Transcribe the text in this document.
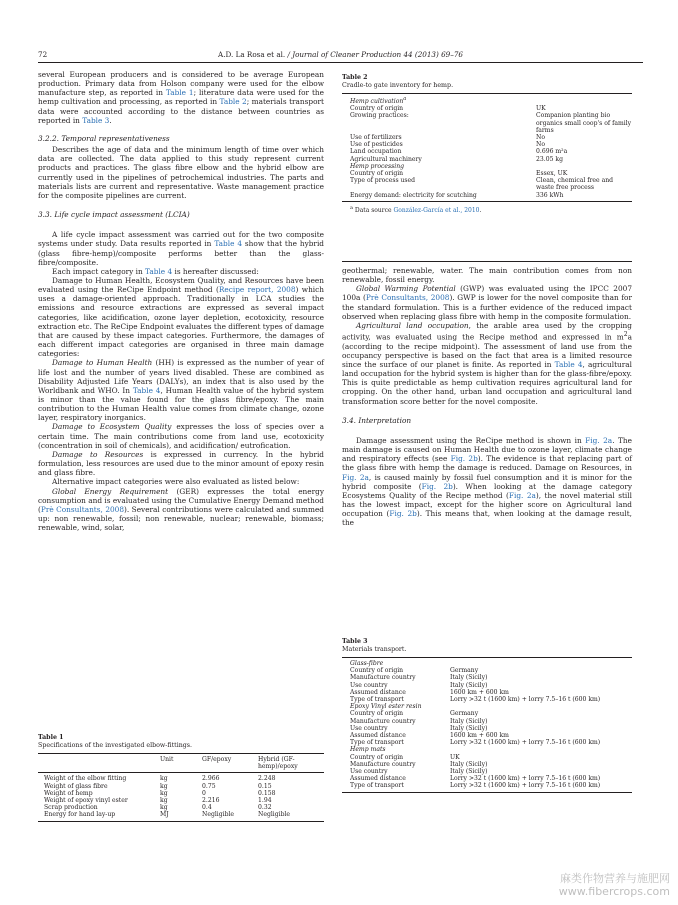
72	A.D. La Rosa et al. / Journal of Cleaner Production 44 (2013) 69–76

several European producers and is considered to be average European production. Primary data from Holson company were used for the elbow manufacture step, as reported in Table 1; literature data were used for the hemp cultivation and processing, as reported in Table 2; materials transport data were accounted according to the distance between countries as reported in Table 3.

3.2.2. Temporal representativeness

Describes the age of data and the minimum length of time over which data are collected. The data applied to this study represent current products and practices. The glass fibre elbow and the hybrid elbow are currently used in the pipelines of petrochemical industries. The parts and materials lists are current and representative. Waste management practice for the composite pipelines are current.

3.3. Life cycle impact assessment (LCIA)

A life cycle impact assessment was carried out for the two composite systems under study. Data results reported in Table 4 show that the hybrid (glass fibre-hemp)/composite performs better than the glass-fibre/composite.

Each impact category in Table 4 is hereafter discussed:

Damage to Human Health, Ecosystem Quality, and Resources have been evaluated using the ReCipe Endpoint method (Recipe report, 2008) which uses a damage-oriented approach. Traditionally in LCA studies the emissions and resource extractions are expressed as several impact categories, like acidification, ozone layer depletion, ecotoxicity, resource extraction etc. The ReCipe Endpoint evaluates the different types of damage that are caused by these impact categories. Furthermore, the damages of each different impact categories are organised in three main damage categories:

Damage to Human Health (HH) is expressed as the number of year of life lost and the number of years lived disabled. These are combined as Disability Adjusted Life Years (DALYs), an index that is also used by the Worldbank and WHO. In Table 4, Human Health value of the hybrid system is minor than the value found for the glass fibre/epoxy. The main contribution to the Human Health value comes from climate change, ozone layer, respiratory inorganics.

Damage to Ecosystem Quality expresses the loss of species over a certain time. The main contributions come from land use, ecotoxicity (concentration in soil of chemicals), and acidification/ eutrofication.

Damage to Resources is expressed in currency. In the hybrid formulation, less resources are used due to the minor amount of epoxy resin and glass fibre.

Alternative impact categories were also evaluated as listed below:

Global Energy Requirement (GER) expresses the total energy consumption and is evaluated using the Cumulative Energy Demand method (Prè Consultants, 2008). Several contributions were calculated and summed up: non renewable, fossil; non renewable, nuclear; renewable, biomass; renewable, wind, solar,

Table 1
Specifications of the investigated elbow-fittings.
	Unit	GF/epoxy	Hybrid (GF-hemp)/epoxy

Weight of the elbow fitting	kg	2.966	2.248
Weight of glass fibre	kg	0.75	0.15
Weight of hemp	kg	0	0.158
Weight of epoxy vinyl ester	kg	2.216	1.94
Scrap production	kg	0.4	0.32
Energy for hand lay-up	MJ	Negligible	Negligible
Table 2
Cradle-to gate inventory for hemp.
Hemp cultivation$^a$
	Country of origin	UK
	Growing practices:	Companion planting bio organics small coop's of family farms
	Use of fertilizers	No
	Use of pesticides	No
	Land occupation	0.696 m²a
	Agricultural machinery	23.05 kg
Hemp processing		
	Country of origin	Essex, UK
	Type of process used	Clean, chemical free and waste free process
	Energy demand: electricity for scutching	336 kWh
$^a$ Data source González-García et al., 2010.

geothermal; renewable, water. The main contribution comes from non renewable, fossil energy.

Global Warming Potential (GWP) was evaluated using the IPCC 2007 100a (Prè Consultants, 2008). GWP is lower for the novel composite than for the standard formulation. This is a further evidence of the reduced impact observed when replacing glass fibre with hemp in the composite formulation.

Agricultural land occupation, the arable area used by the cropping activity, was evaluated using the Recipe method and expressed in $m^2a$ (according to the recipe midpoint). The assessment of land use from the occupancy perspective is based on the fact that area is a limited resource since the surface of our planet is finite. As reported in Table 4, agricultural land occupation for the hybrid system is higher than for the glass-fibre/epoxy. This is quite predictable as hemp cultivation requires agricultural land for cropping. On the other hand, urban land occupation and agricultural land transformation score better for the novel composite.

3.4. Interpretation

Damage assessment using the ReCipe method is shown in Fig. 2a. The main damage is caused on Human Health due to ozone layer, climate change and respiratory effects (see Fig. 2b). The evidence is that replacing part of the glass fibre with hemp the damage is reduced. Damage on Resources, in Fig. 2a, is caused mainly by fossil fuel consumption and it is minor for the hybrid composite (Fig. 2b). When looking at the damage category Ecosystems Quality of the Recipe method (Fig. 2a), the novel material still has the lowest impact, except for the higher score on Agricultural land occupation (Fig. 2b). This means that, when looking at the damage result, the

Table 3
Materials transport.
Glass-fibre		
	Country of origin	Germany
	Manufacture country	Italy (Sicily)
	Use country	Italy (Sicily)
	Assumed distance	1600 km + 600 km
	Type of transport	Lorry >32 t (1600 km) + lorry 7.5–16 t (600 km)
Epoxy Vinyl ester resin		
	Country of origin	Germany
	Manufacture country	Italy (Sicily)
	Use country	Italy (Sicily)
	Assumed distance	1600 km + 600 km
	Type of transport	Lorry >32 t (1600 km) + lorry 7.5–16 t (600 km)
Hemp mats		
	Country of origin	UK
	Manufacture country	Italy (Sicily)
	Use country	Italy (Sicily)
	Assumed distance	Lorry >32 t (1600 km) + lorry 7.5–16 t (600 km)
	Type of transport	Lorry >32 t (1600 km) + lorry 7.5–16 t (600 km)
麻类作物营养与施肥网
www.fibercrops.com
